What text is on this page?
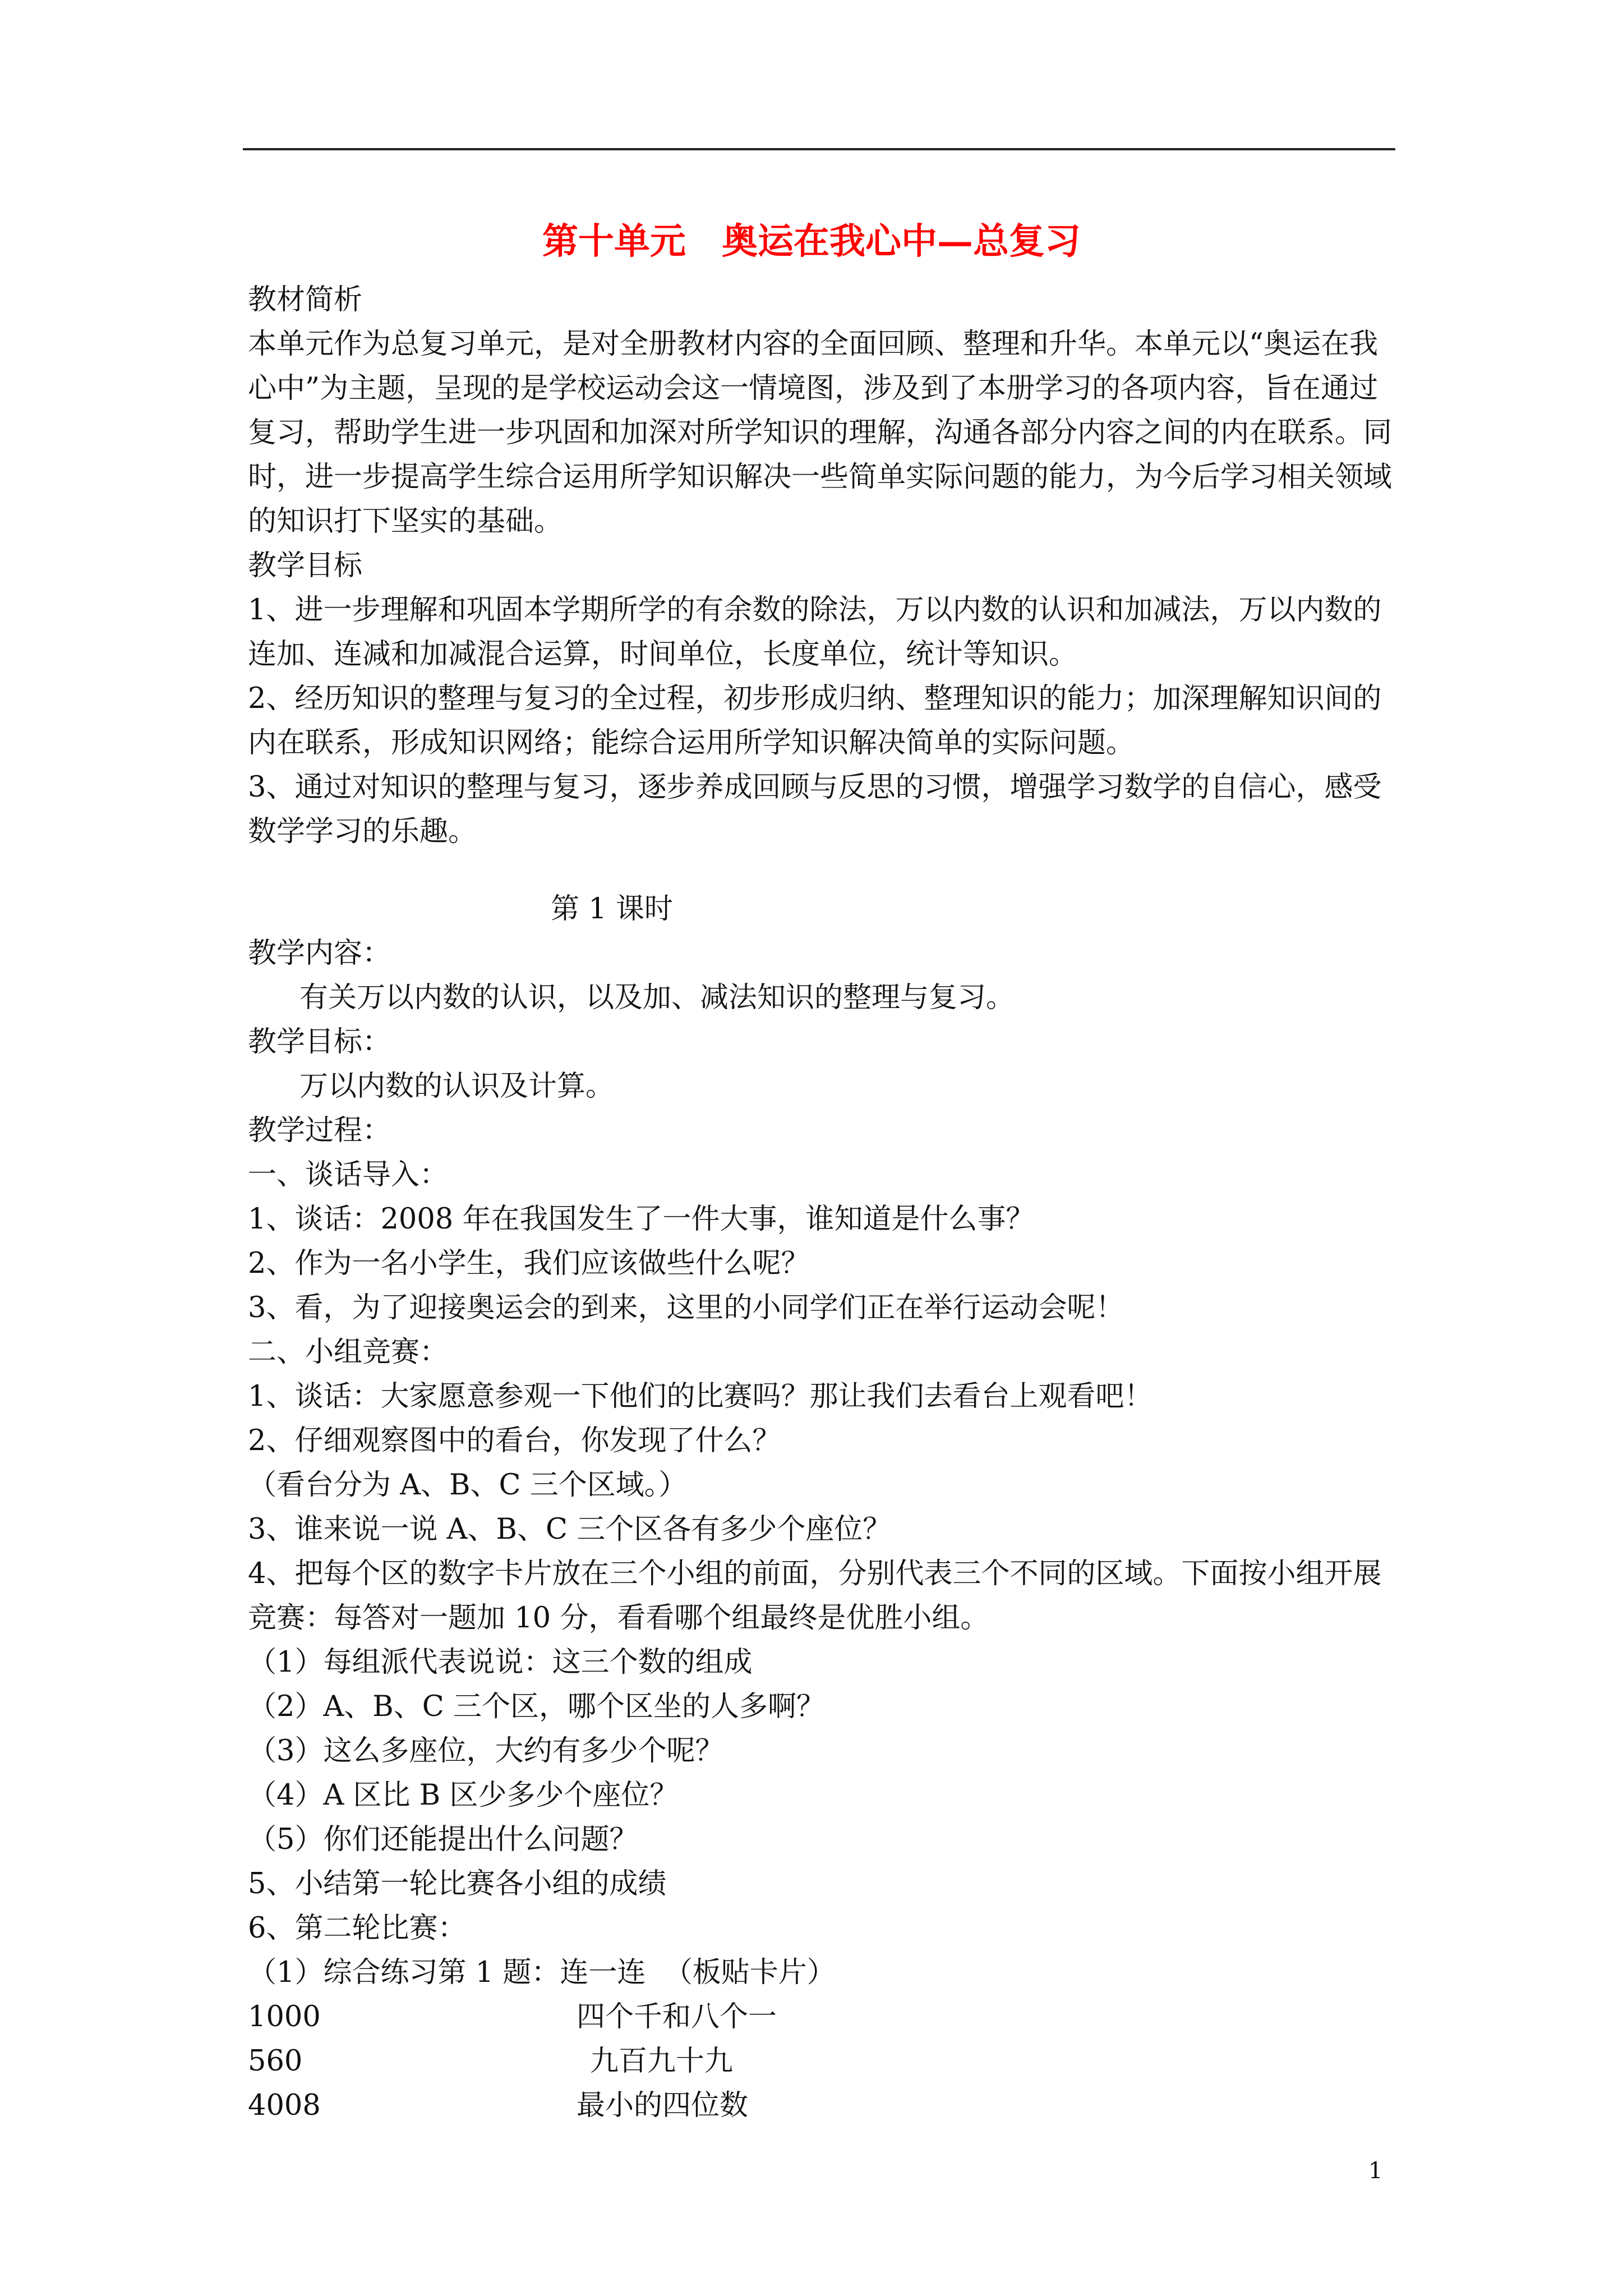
第十单元　奥运在我心中—总复习
教材简析
本单元作为总复习单元，是对全册教材内容的全面回顾、整理和升华。本单元以“奥运在我
心中”为主题，呈现的是学校运动会这一情境图，涉及到了本册学习的各项内容，旨在通过
复习，帮助学生进一步巩固和加深对所学知识的理解，沟通各部分内容之间的内在联系。同
时，进一步提高学生综合运用所学知识解决一些简单实际问题的能力，为今后学习相关领域
的知识打下坚实的基础。
教学目标
1、进一步理解和巩固本学期所学的有余数的除法，万以内数的认识和加减法，万以内数的
连加、连减和加减混合运算，时间单位，长度单位，统计等知识。
2、经历知识的整理与复习的全过程，初步形成归纳、整理知识的能力；加深理解知识间的
内在联系，形成知识网络；能综合运用所学知识解决简单的实际问题。
3、通过对知识的整理与复习，逐步养成回顾与反思的习惯，增强学习数学的自信心，感受
数学学习的乐趣。
第 1 课时
教学内容：
有关万以内数的认识，以及加、减法知识的整理与复习。
教学目标：
万以内数的认识及计算。
教学过程：
一、谈话导入：
1、谈话：2008 年在我国发生了一件大事，谁知道是什么事？
2、作为一名小学生，我们应该做些什么呢？
3、看，为了迎接奥运会的到来，这里的小同学们正在举行运动会呢！
二、小组竞赛：
1、谈话：大家愿意参观一下他们的比赛吗？那让我们去看台上观看吧！
2、仔细观察图中的看台，你发现了什么？
（看台分为 A、B、C 三个区域。）
3、谁来说一说 A、B、C 三个区各有多少个座位？
4、把每个区的数字卡片放在三个小组的前面，分别代表三个不同的区域。下面按小组开展
竞赛：每答对一题加 10 分，看看哪个组最终是优胜小组。
（1）每组派代表说说：这三个数的组成
（2）A、B、C 三个区，哪个区坐的人多啊？
（3）这么多座位，大约有多少个呢？
（4）A 区比 B 区少多少个座位？
（5）你们还能提出什么问题？
5、小结第一轮比赛各小组的成绩
6、第二轮比赛：
（1）综合练习第 1 题：连一连  （板贴卡片）
1000	四个千和八个一
560	九百九十九
4008	最小的四位数
1
